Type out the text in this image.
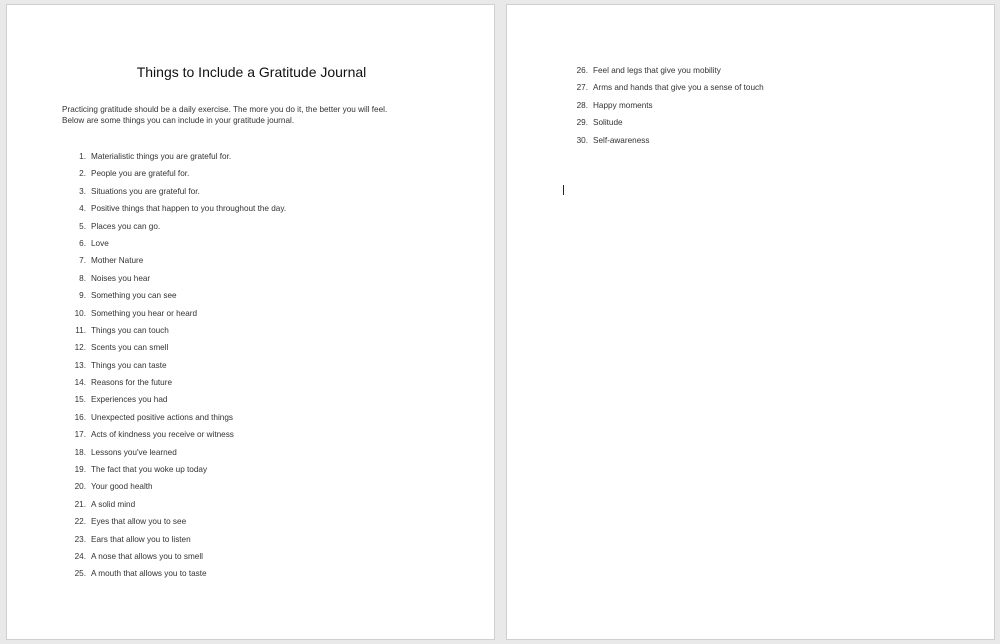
Things to Include a Gratitude Journal

Practicing gratitude should be a daily exercise. The more you do it, the better you will feel.
Below are some things you can include in your gratitude journal.

1. Materialistic things you are grateful for.
2. People you are grateful for.
3. Situations you are grateful for.
4. Positive things that happen to you throughout the day.
5. Places you can go.
6. Love
7. Mother Nature
8. Noises you hear
9. Something you can see
10. Something you hear or heard
11. Things you can touch
12. Scents you can smell
13. Things you can taste
14. Reasons for the future
15. Experiences you had
16. Unexpected positive actions and things
17. Acts of kindness you receive or witness
18. Lessons you've learned
19. The fact that you woke up today
20. Your good health
21. A solid mind
22. Eyes that allow you to see
23. Ears that allow you to listen
24. A nose that allows you to smell
25. A mouth that allows you to taste
26. Feel and legs that give you mobility
27. Arms and hands that give you a sense of touch
28. Happy moments
29. Solitude
30. Self-awareness
